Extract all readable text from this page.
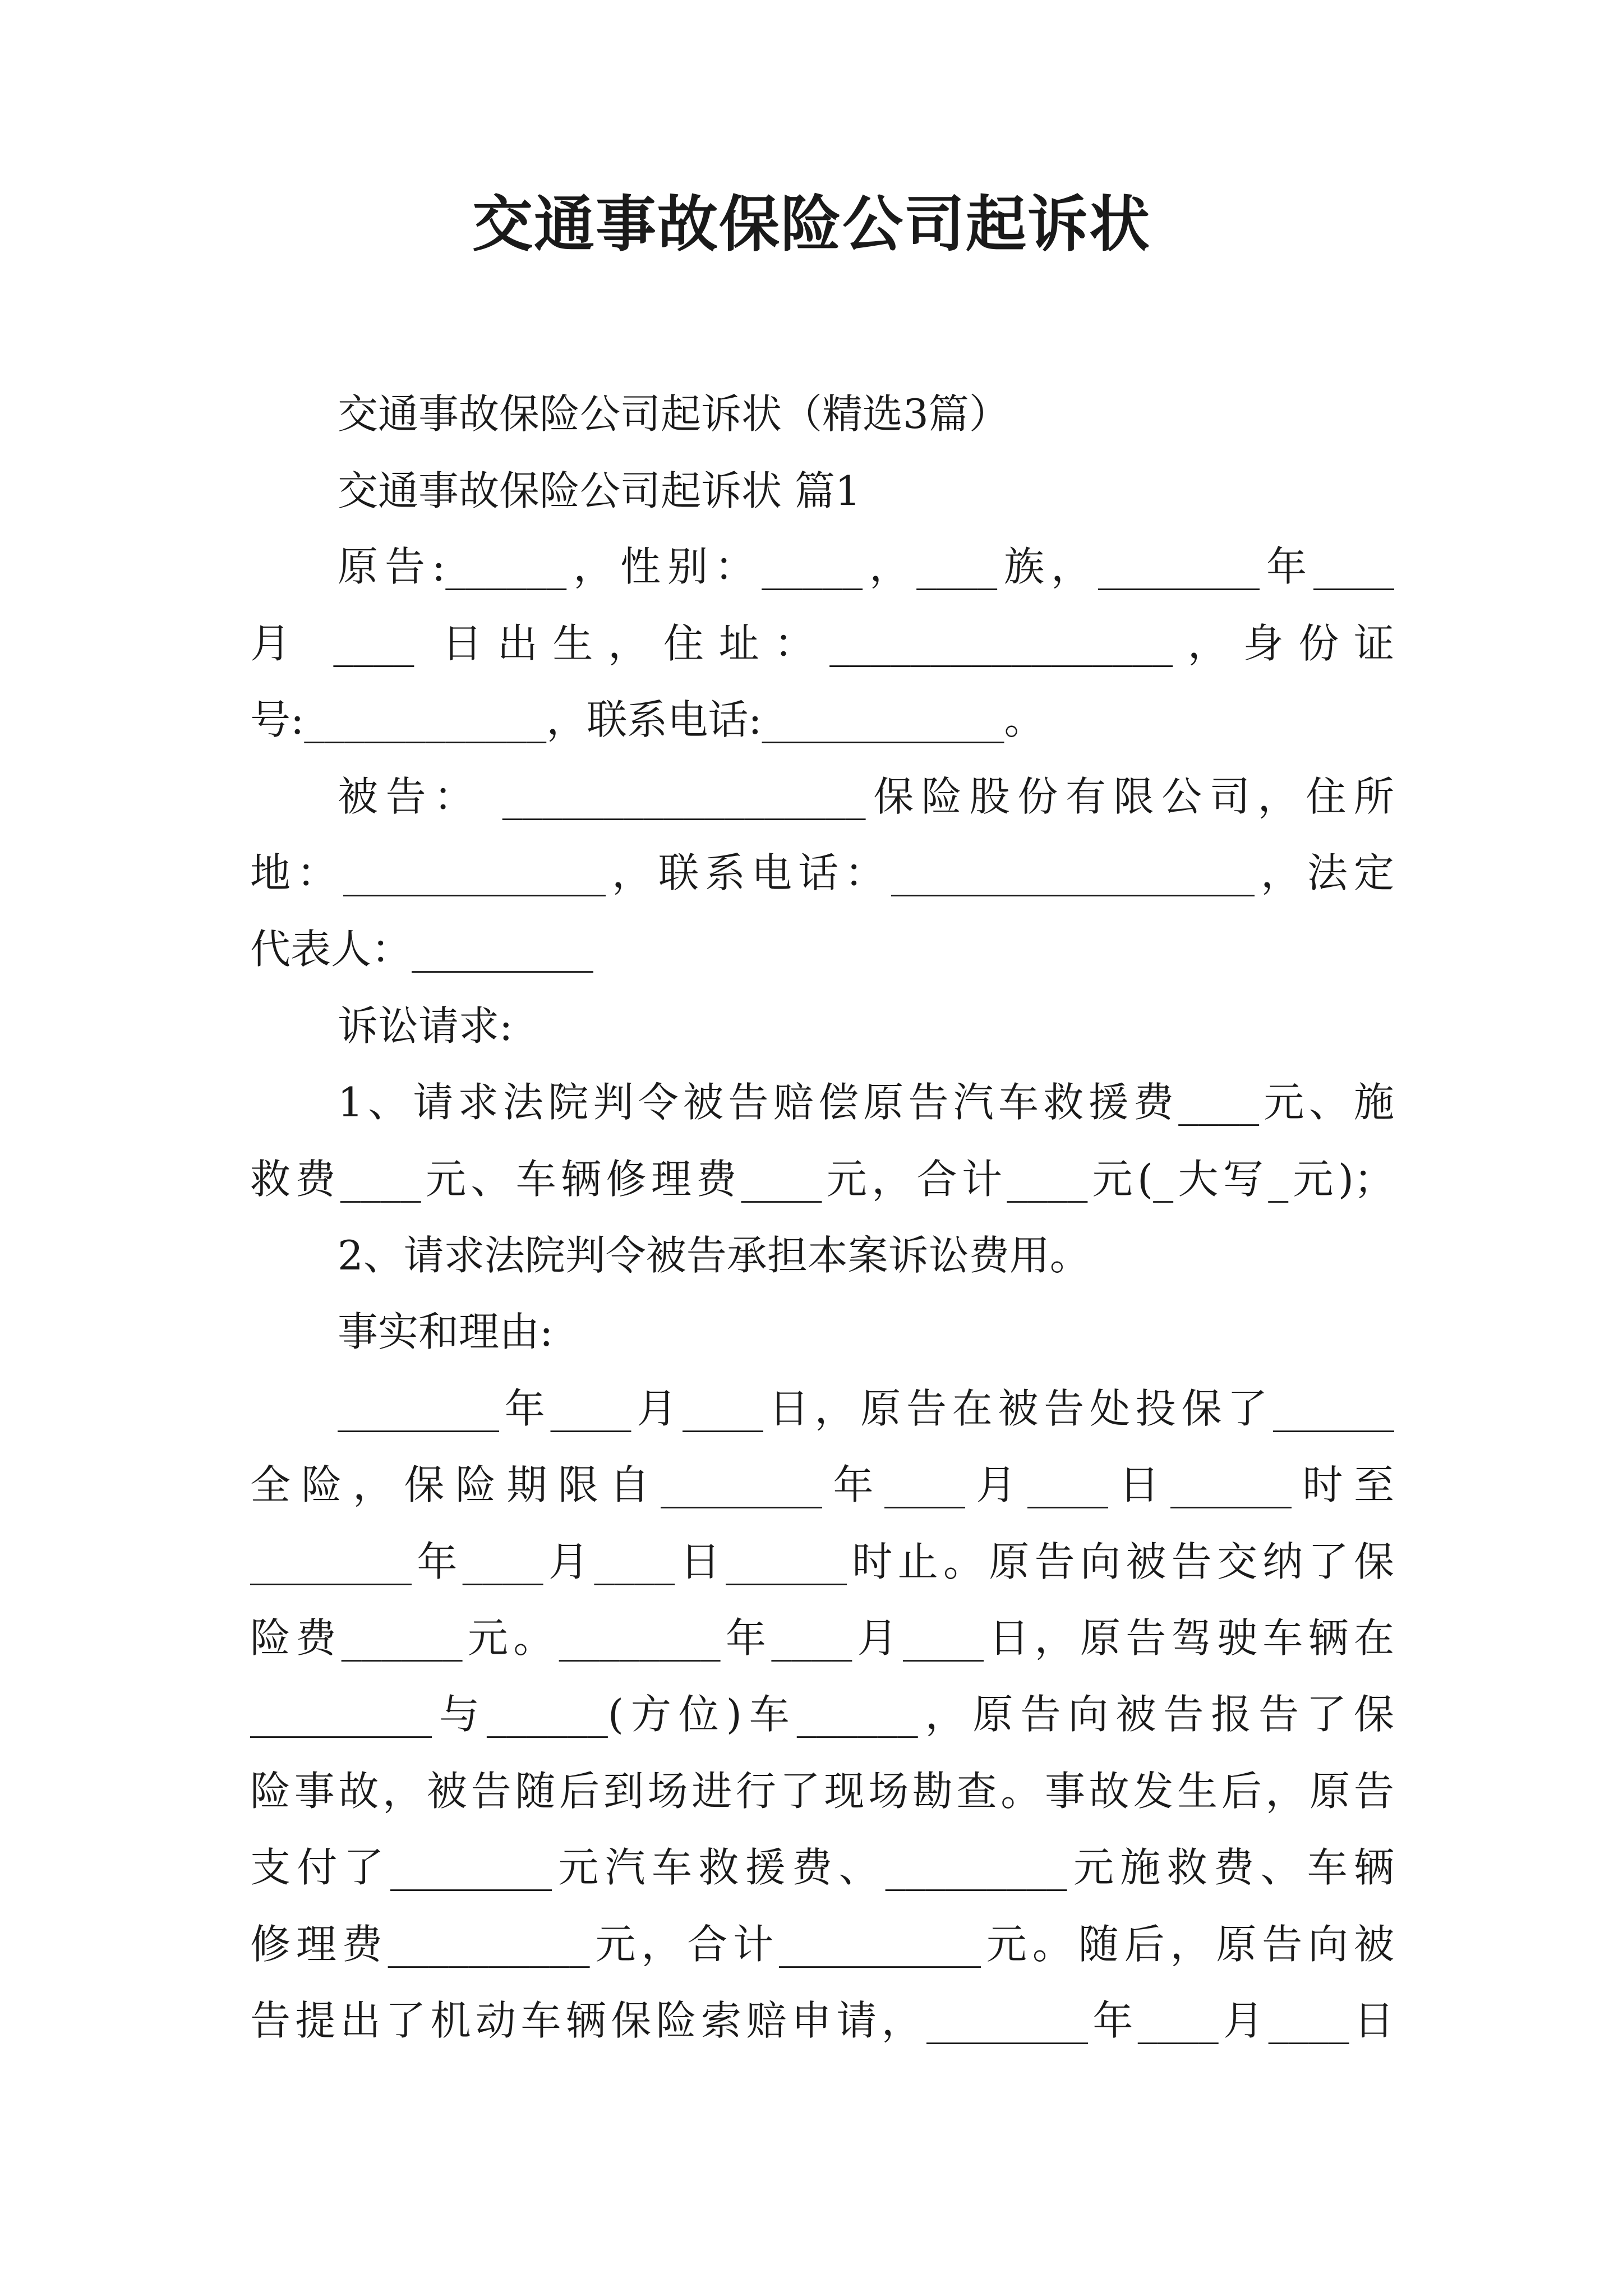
交通事故保险公司起诉状
交通事故保险公司起诉状（精选3篇）
交通事故保险公司起诉状 篇1
原告:______，性别：_____，____族，________年____
月 ____ 日出生，住址：_________________，身份证
号:____________，联系电话:____________。
被告： __________________保险股份有限公司，住所
地：_____________，联系电话：__________________，法定
代表人：_________
诉讼请求:
1、请求法院判令被告赔偿原告汽车救援费____元、施
救费____元、车辆修理费____元，合计____元(_大写_元)；
2、请求法院判令被告承担本案诉讼费用。
事实和理由:
________年____月____日，原告在被告处投保了______
全险，保险期限自________年____月____日______时至
________年____月____日______时止。原告向被告交纳了保
险费______元。________年____月____日，原告驾驶车辆在
_________与______(方位)车______，原告向被告报告了保
险事故，被告随后到场进行了现场勘查。事故发生后，原告
支付了________元汽车救援费、_________元施救费、车辆
修理费__________元，合计__________元。随后，原告向被
告提出了机动车辆保险索赔申请，________年____月____日
